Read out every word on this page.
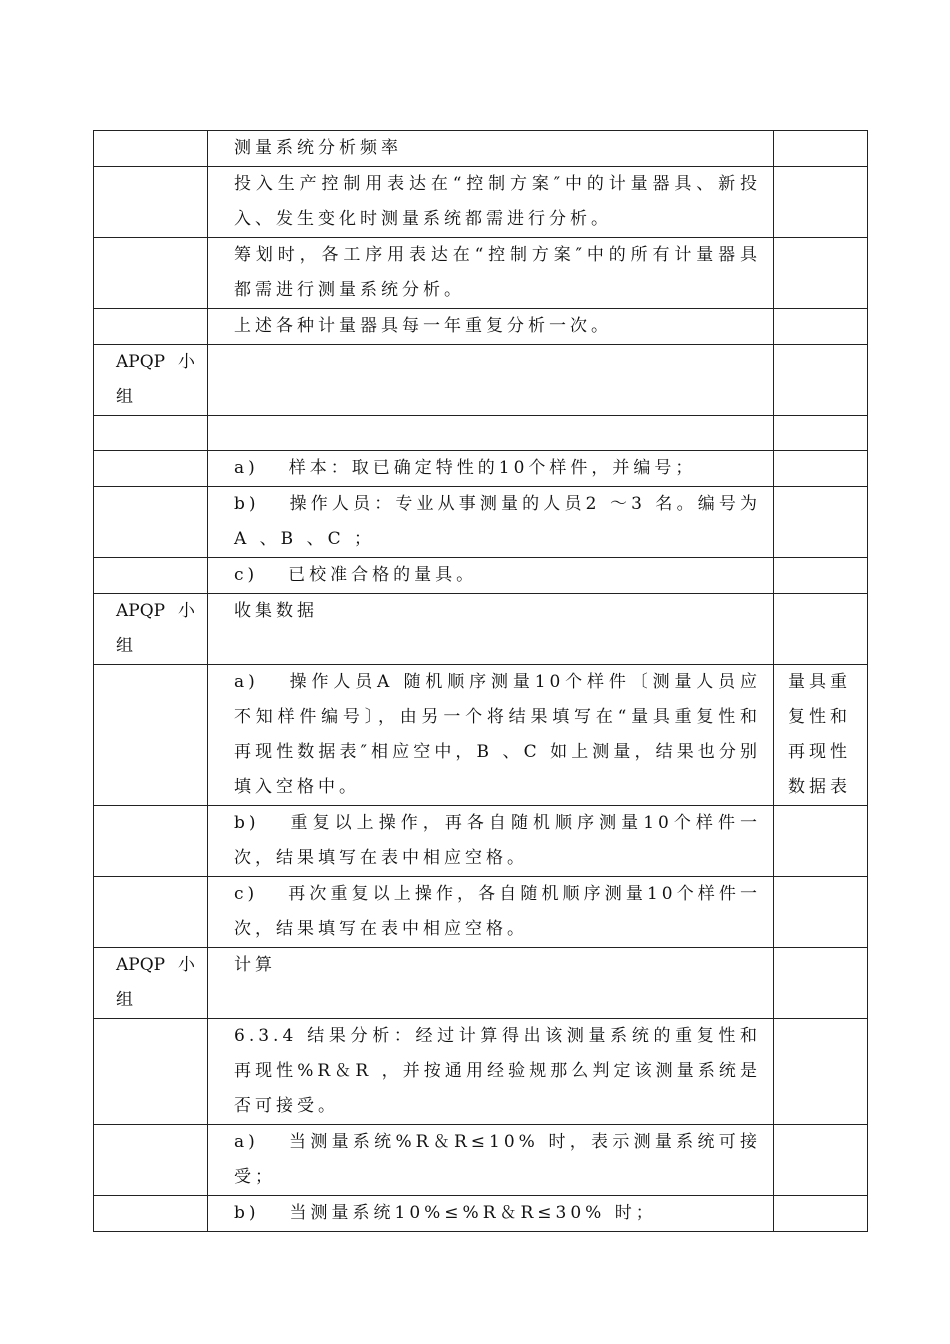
	测量系统分析频率	

	投入生产控制用表达在“控制方案″中的计量器具、新投入、发生变化时测量系统都需进行分析。	

	筹划时，各工序用表达在“控制方案″中的所有计量器具都需进行测量系统分析。	

	上述各种计量器具每一年重复分析一次。	

APQP 小
组		

	a) 样本：取已确定特性的10个样件，并编号；	

	b) 操作人员：专业从事测量的人员2 ～3 名。编号为A 、B 、C ；	

	c) 已校准合格的量具。	

APQP 小
组	收集数据	

	a) 操作人员A 随机顺序测量10个样件〔测量人员应不知样件编号〕，由另一个将结果填写在“量具重复性和再现性数据表″相应空中，B 、C 如上测量，结果也分别填入空格中。	量具重复性和再现性数据表

	b) 重复以上操作，再各自随机顺序测量10个样件一次，结果填写在表中相应空格。	

	c) 再次重复以上操作，各自随机顺序测量10个样件一次，结果填写在表中相应空格。	

APQP 小
组	计算	

	6.3.4 结果分析：经过计算得出该测量系统的重复性和再现性%R＆R ，并按通用经验规那么判定该测量系统是否可接受。	

	a) 当测量系统%R＆R≤10% 时，表示测量系统可接受；	

	b) 当测量系统10%≤%R＆R≤30% 时；	
